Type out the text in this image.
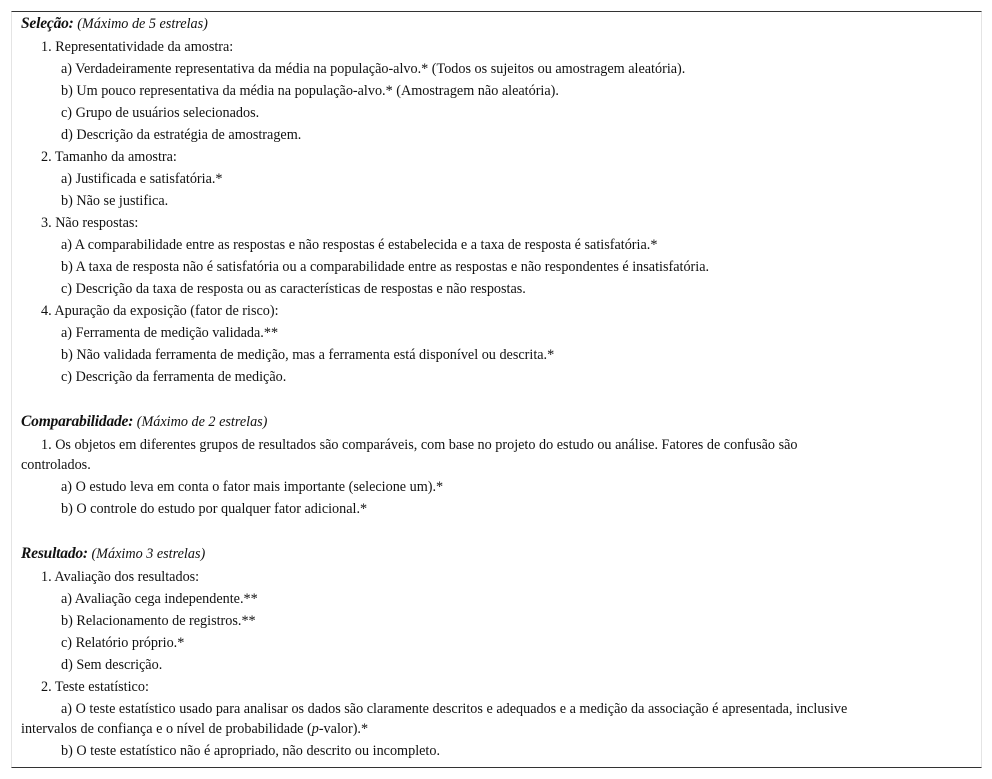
Seleção: (Máximo de 5 estrelas)
1. Representatividade da amostra:
a) Verdadeiramente representativa da média na população-alvo.* (Todos os sujeitos ou amostragem aleatória).
b) Um pouco representativa da média na população-alvo.* (Amostragem não aleatória).
c) Grupo de usuários selecionados.
d) Descrição da estratégia de amostragem.
2. Tamanho da amostra:
a) Justificada e satisfatória.*
b) Não se justifica.
3. Não respostas:
a) A comparabilidade entre as respostas e não respostas é estabelecida e a taxa de resposta é satisfatória.*
b) A taxa de resposta não é satisfatória ou a comparabilidade entre as respostas e não respondentes é insatisfatória.
c) Descrição da taxa de resposta ou as características de respostas e não respostas.
4. Apuração da exposição (fator de risco):
a) Ferramenta de medição validada.**
b) Não validada ferramenta de medição, mas a ferramenta está disponível ou descrita.*
c) Descrição da ferramenta de medição.
Comparabilidade: (Máximo de 2 estrelas)
1. Os objetos em diferentes grupos de resultados são comparáveis, com base no projeto do estudo ou análise. Fatores de confusão são
controlados.
a) O estudo leva em conta o fator mais importante (selecione um).*
b) O controle do estudo por qualquer fator adicional.*
Resultado: (Máximo 3 estrelas)
1. Avaliação dos resultados:
a) Avaliação cega independente.**
b) Relacionamento de registros.**
c) Relatório próprio.*
d) Sem descrição.
2. Teste estatístico:
a) O teste estatístico usado para analisar os dados são claramente descritos e adequados e a medição da associação é apresentada, inclusive
intervalos de confiança e o nível de probabilidade (p-valor).*
b) O teste estatístico não é apropriado, não descrito ou incompleto.
